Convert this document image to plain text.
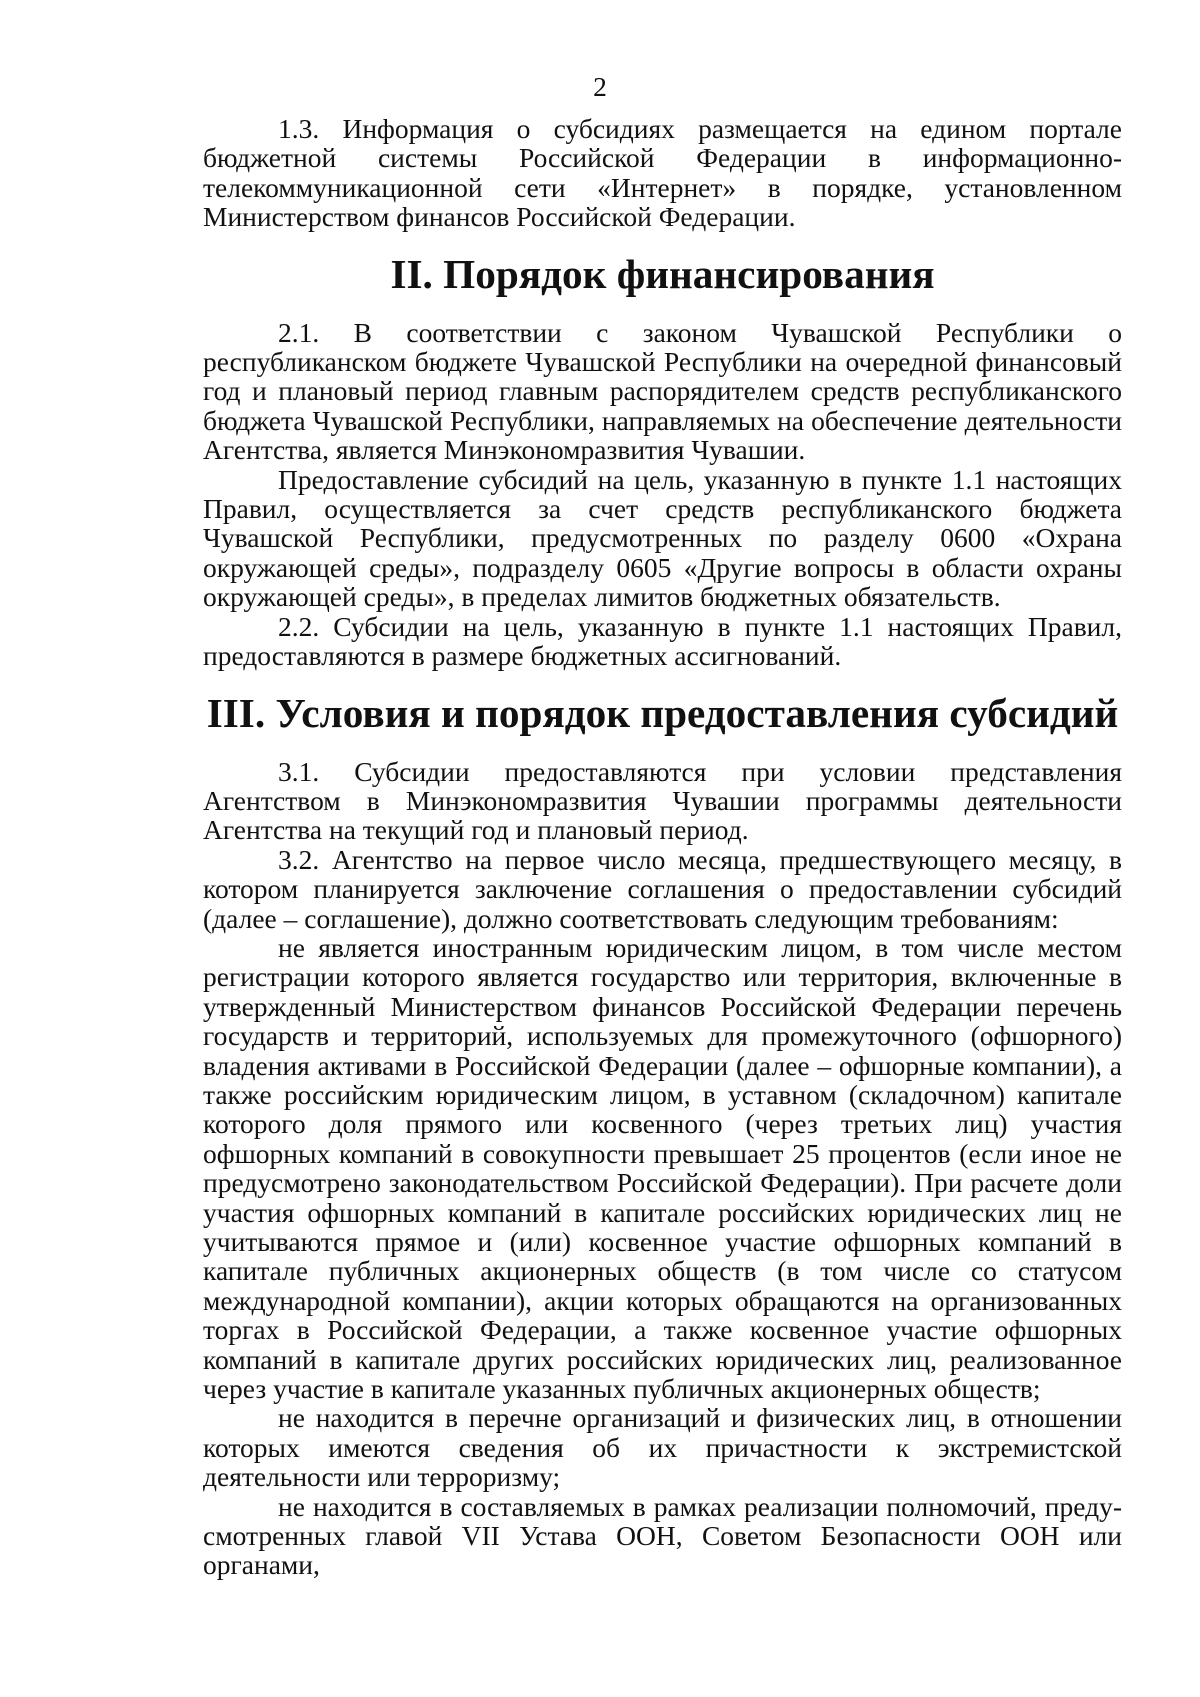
2

1.3. Информация о субсидиях размещается на едином портале бюджетной системы Российской Федерации в информационно-телекоммуникационной сети «Интернет» в порядке, установленном Министерством финансов Российской Федерации.

II. Порядок финансирования

2.1. В соответствии с законом Чувашской Республики о республиканском бюджете Чувашской Республики на очередной финансовый год и плановый период главным распорядителем средств республиканского бюджета Чувашской Республики, направляемых на обеспечение деятельности Агентства, является Минэкономразвития Чувашии.

Предоставление субсидий на цель, указанную в пункте 1.1 настоящих Правил, осуществляется за счет средств республиканского бюджета Чувашской Республики, предусмотренных по разделу 0600 «Охрана окружающей среды», подразделу 0605 «Другие вопросы в области охраны окружающей среды», в пределах лимитов бюджетных обязательств.

2.2. Субсидии на цель, указанную в пункте 1.1 настоящих Правил, предоставляются в размере бюджетных ассигнований.

III. Условия и порядок предоставления субсидий

3.1. Субсидии предоставляются при условии представления Агентством в Минэкономразвития Чувашии программы деятельности Агентства на текущий год и плановый период.

3.2. Агентство на первое число месяца, предшествующего месяцу, в котором планируется заключение соглашения о предоставлении субсидий (далее – соглашение), должно соответствовать следующим требованиям:

не является иностранным юридическим лицом, в том числе местом регистрации которого является государство или территория, включенные в утвержденный Министерством финансов Российской Федерации перечень государств и территорий, используемых для промежуточного (офшорного) владения активами в Российской Федерации (далее – офшорные компании), а также российским юридическим лицом, в уставном (складочном) капитале которого доля прямого или косвенного (через третьих лиц) участия офшорных компаний в совокупности превышает 25 процентов (если иное не предусмотрено законодательством Российской Федерации). При расчете доли участия офшорных компаний в капитале российских юридических лиц не учитываются прямое и (или) косвенное участие офшорных компаний в капитале публичных акционерных обществ (в том числе со статусом международной компании), акции которых обращаются на организованных торгах в Российской Федерации, а также косвенное участие офшорных компаний в капитале других российских юридических лиц, реализованное через участие в капитале указанных публичных акционерных обществ;

не находится в перечне организаций и физических лиц, в отношении которых имеются сведения об их причастности к экстремистской деятельности или терроризму;

не находится в составляемых в рамках реализации полномочий, предусмотренных главой VII Устава ООН, Советом Безопасности ООН или органами,
